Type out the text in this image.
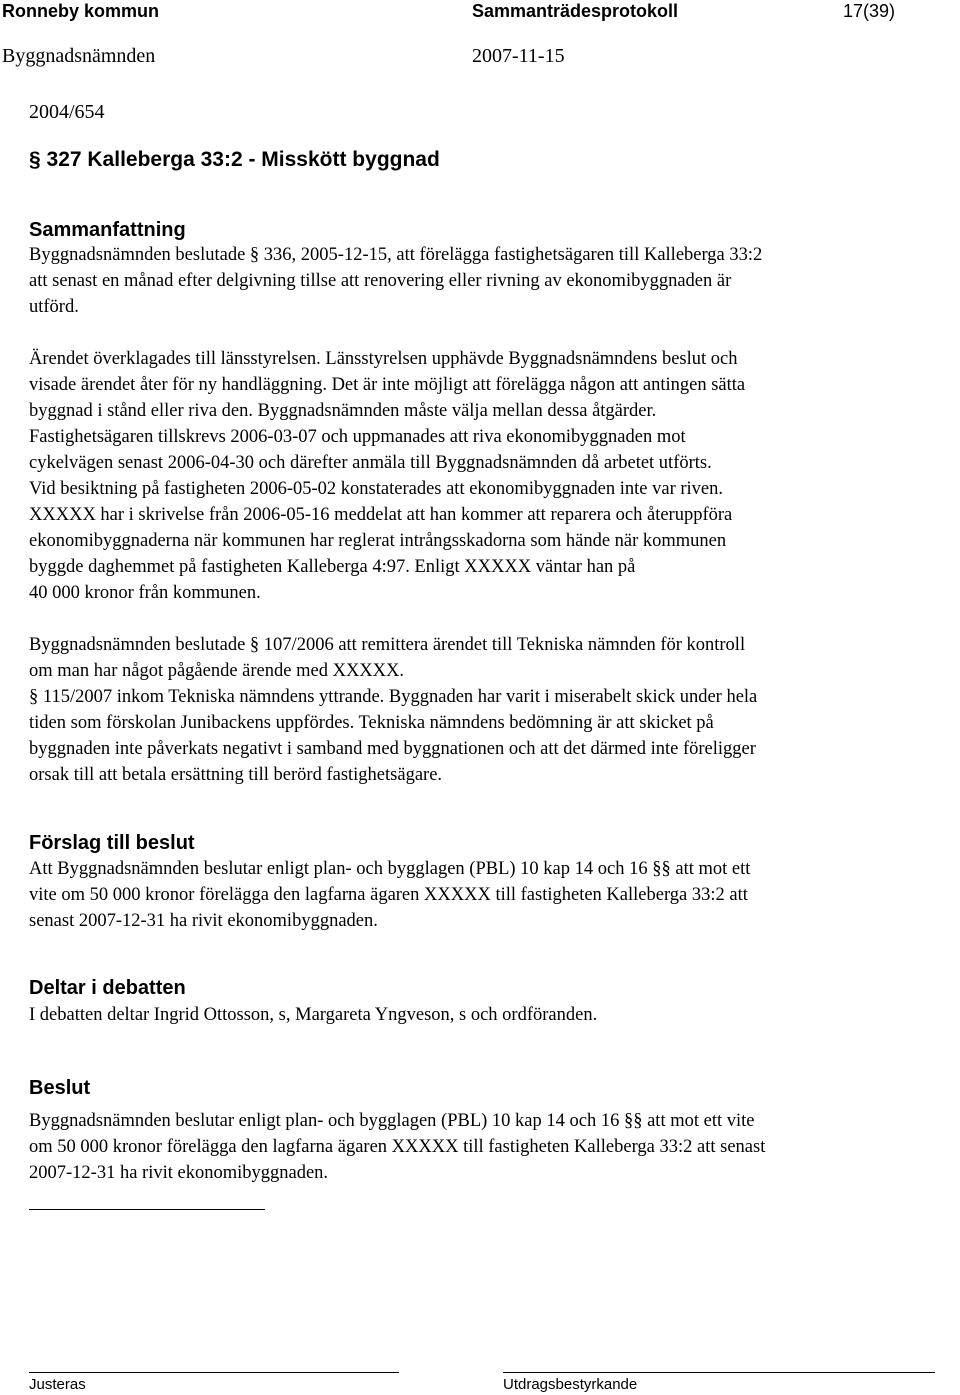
Ronneby kommun	Sammanträdesprotokoll	17(39)
Byggnadsnämnden	2007-11-15
2004/654
§ 327 Kalleberga 33:2 - Misskött byggnad
Sammanfattning
Byggnadsnämnden beslutade § 336, 2005-12-15, att förelägga fastighetsägaren till Kalleberga 33:2
att senast en månad efter delgivning tillse att renovering eller rivning av ekonomibyggnaden är
utförd.
Ärendet överklagades till länsstyrelsen. Länsstyrelsen upphävde Byggnadsnämndens beslut och
visade ärendet åter för ny handläggning. Det är inte möjligt att förelägga någon att antingen sätta
byggnad i stånd eller riva den. Byggnadsnämnden måste välja mellan dessa åtgärder.
Fastighetsägaren tillskrevs 2006-03-07 och uppmanades att riva ekonomibyggnaden mot
cykelvägen senast 2006-04-30 och därefter anmäla till Byggnadsnämnden då arbetet utförts.
Vid besiktning på fastigheten 2006-05-02 konstaterades att ekonomibyggnaden inte var riven.
XXXXX har i skrivelse från 2006-05-16 meddelat att han kommer att reparera och återuppföra
ekonomibyggnaderna när kommunen har reglerat intrångsskadorna som hände när kommunen
byggde daghemmet på fastigheten Kalleberga 4:97. Enligt XXXXX väntar han på
40 000 kronor från kommunen.
Byggnadsnämnden beslutade § 107/2006 att remittera ärendet till Tekniska nämnden för kontroll
om man har något pågående ärende med XXXXX.
§ 115/2007 inkom Tekniska nämndens yttrande. Byggnaden har varit i miserabelt skick under hela
tiden som förskolan Junibackens uppfördes. Tekniska nämndens bedömning är att skicket på
byggnaden inte påverkats negativt i samband med byggnationen och att det därmed inte föreligger
orsak till att betala ersättning till berörd fastighetsägare.
Förslag till beslut
Att Byggnadsnämnden beslutar enligt plan- och bygglagen (PBL) 10 kap 14 och 16 §§ att mot ett
vite om 50 000 kronor förelägga den lagfarna ägaren XXXXX till fastigheten Kalleberga 33:2 att
senast 2007-12-31 ha rivit ekonomibyggnaden.
Deltar i debatten
I debatten deltar Ingrid Ottosson, s, Margareta Yngveson, s och ordföranden.
Beslut
Byggnadsnämnden beslutar enligt plan- och bygglagen (PBL) 10 kap 14 och 16 §§ att mot ett vite
om 50 000 kronor förelägga den lagfarna ägaren XXXXX till fastigheten Kalleberga 33:2 att senast
2007-12-31 ha rivit ekonomibyggnaden.
Justeras	Utdragsbestyrkande
